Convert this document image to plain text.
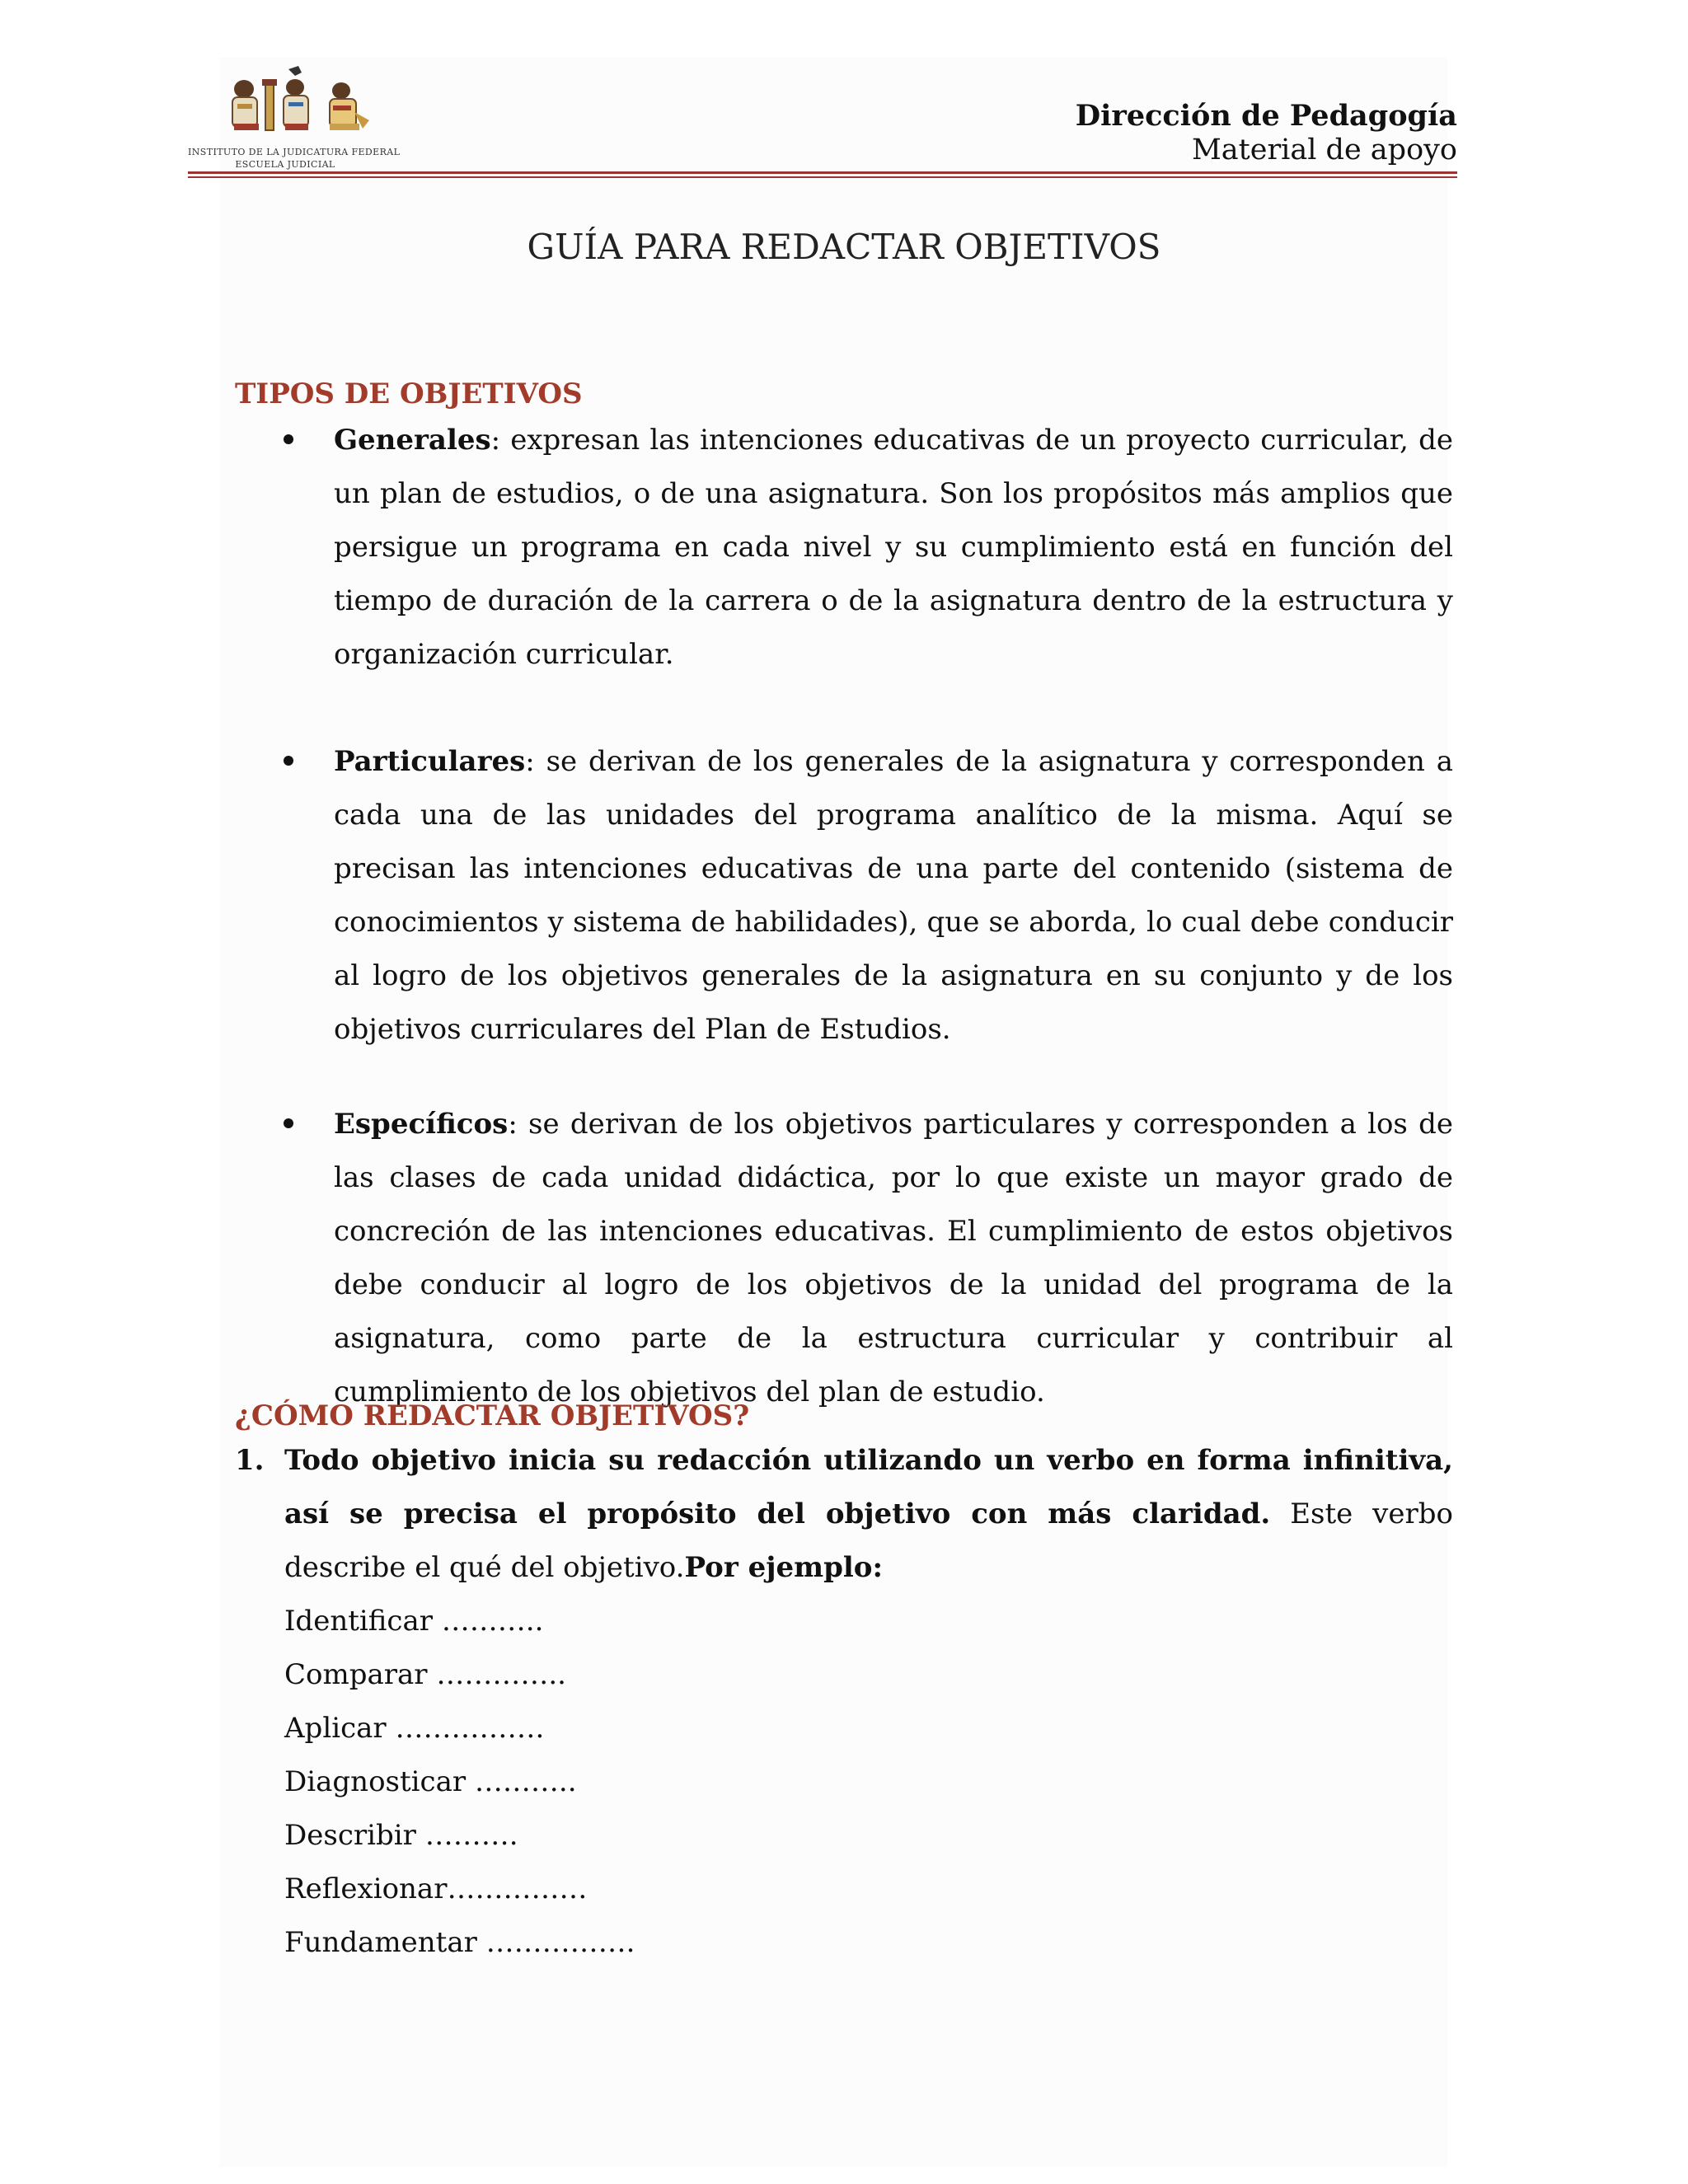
INSTITUTO DE LA JUDICATURA FEDERAL
ESCUELA JUDICIAL
Dirección de Pedagogía
Material de apoyo
GUÍA PARA REDACTAR OBJETIVOS
TIPOS DE OBJETIVOS

Generales: expresan las intenciones educativas de un proyecto curricular, de un plan de estudios, o de una asignatura. Son los propósitos más amplios que persigue un programa en cada nivel y su cumplimiento está en función del tiempo de duración de la carrera o de la asignatura dentro de la estructura y organización curricular.

Particulares: se derivan de los generales de la asignatura y corresponden a cada una de las unidades del programa analítico de la misma. Aquí se precisan las intenciones educativas de una parte del contenido (sistema de conocimientos y sistema de habilidades), que se aborda, lo cual debe conducir al logro de los objetivos generales de la asignatura en su conjunto y de los objetivos curriculares del Plan de Estudios.

Específicos: se derivan de los objetivos particulares y corresponden a los de las clases de cada unidad didáctica, por lo que existe un mayor grado de concreción de las intenciones educativas. El cumplimiento de estos objetivos debe conducir al logro de los objetivos de la unidad del programa de la asignatura, como parte de la estructura curricular y contribuir al cumplimiento de los objetivos del plan de estudio.

¿CÓMO REDACTAR OBJETIVOS?
1. Todo objetivo inicia su redacción utilizando un verbo en forma infinitiva, así se precisa el propósito del objetivo con más claridad. Este verbo describe el qué del objetivo.Por ejemplo:

Identificar ………..
Comparar …………..
Aplicar …………….
Diagnosticar ………..
Describir ……….
Reflexionar……………
Fundamentar …………….
